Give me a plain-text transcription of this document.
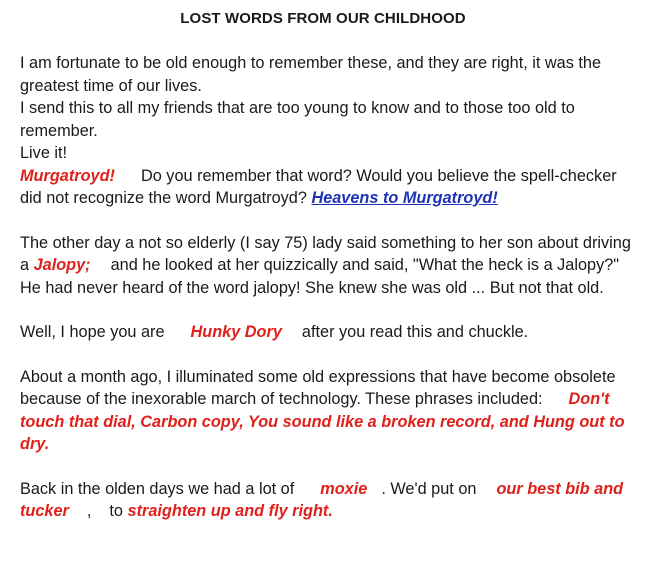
LOST WORDS FROM OUR CHILDHOOD

I am fortunate to be old enough to remember these, and they are right, it was the greatest time of our lives.

I send this to all my friends that are too young to know and to those too old to remember.

Live it!

Murgatroyd! Do you remember that word? Would you believe the spell-checker did not recognize the word Murgatroyd? Heavens to Murgatroyd!

The other day a not so elderly (I say 75) lady said something to her son about driving a Jalopy; and he looked at her quizzically and said, "What the heck is a Jalopy?" He had never heard of the word jalopy! She knew she was old ... But not that old.

Well, I hope you are Hunky Dory after you read this and chuckle.

About a month ago, I illuminated some old expressions that have become obsolete because of the inexorable march of technology. These phrases included: Don't touch that dial, Carbon copy, You sound like a broken record, and Hung out to dry.

Back in the olden days we had a lot of moxie . We'd put on our best bib and tucker , to straighten up and fly right.
